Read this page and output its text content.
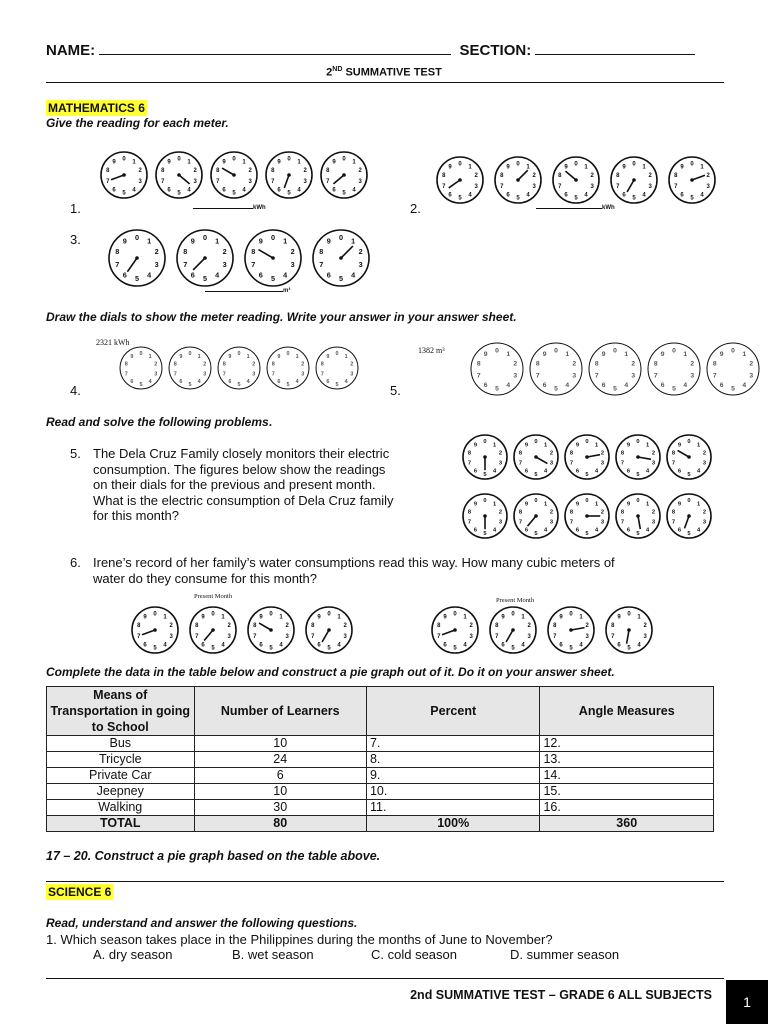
NAME:	SECTION:
2ND SUMMATIVE TEST
MATHEMATICS 6
Give the reading for each meter.
1.	kWh	2.	kWh
3.
m³
Draw the dials to show the meter reading. Write your answer in your answer sheet.
2321 kWh
1382 m³
4.	5.
Read and solve the following problems.
5. The Dela Cruz Family closely monitors their electric
consumption. The figures below show the readings
on their dials for the previous and present month.
What is the electric consumption of Dela Cruz family
for this month?
6. Irene’s record of her family’s water consumptions read this way. How many cubic meters of
water do they consume for this month?
Present Month
Present Month
Complete the data in the table below and construct a pie graph out of it. Do it on your answer sheet.
Means of Transportation in going to School	Number of Learners	Percent	Angle Measures
Bus	10	7.	12.
Tricycle	24	8.	13.
Private Car	6	9.	14.
Jeepney	10	10.	15.
Walking	30	11.	16.
TOTAL	80	100%	360
17 – 20. Construct a pie graph based on the table above.
SCIENCE 6
Read, understand and answer the following questions.
1. Which season takes place in the Philippines during the months of June to November?
A. dry season	B. wet season	C. cold season	D. summer season
2nd SUMMATIVE TEST – GRADE 6 ALL SUBJECTS	1
0
1
2
3
4
5
6
7
8
9
0
1
2
3
4
5
6
7
8
9
0
1
2
3
4
5
6
7
8
9
0
1
2
3
4
5
6
7
8
9
0
1
2
3
4
5
6
7
8
9	0
1
2
3
4
5
6
7
8
9
0
1
2
3
4
5
6
7
8
9
0
1
2
3
4
5
6
7
8
9
0
1
2
3
4
5
6
7
8
9
0
1
2
3
4
5
6
7
8
9
0 1
2
3
4
5
6
7
8
9	0 1
2
3
4
5
6
7
8
9	0 1
2
3
4
5
6
7
8
9	0 1
2
3
4
5
6
7
8
9
0 1
2
3
4
5
6
7
8
9	0 1
2
3
4
5
6
7
8
9	0 1
2
3
4
5
6
7
8
9	0 1
2
3
4
5
6
7
8
9	0 1
2
3
4
5
6
7
8
9
0
1
2
3
4
5
6
7
8
9
0
1
2
3
4
5
6
7
8
9
0
1
2
3
4
5
6
7
8
9
0
1
2
3
4
5
6
7
8
9
0
1
2
3
4
5
6
7
8
9
0
1
2
3
4
5
6
7
8
9
0
1
2
3
4
5
6
7
8
9
0
1
2
3
4
5
6
7
8
9
0
1
2
3
4
5
6
7
8
9
0
1
2
3
4
5
6
7
8
9
0
1
2
3
4
5
6
7
8
9
0
1
2
3
4
5
6
7
8
9
0
1
2
3
4
5
6
7
8
9
0
1
2
3
4
5
6
7
8
9
0
1
2
3
4
5
6
7
8
9
0
1
2
3
4
5
6
7
8
9
0
1
2
3
4
5
6
7
8
9
0
1
2
3
4
5
6
7
8
9
0
1
2
3
4
5
6
7
8
9
0
1
2
3
4
5
6
7
8
9
0
1
2
3
4
5
6
7
8
9
0
1
2
3
4
5
6
7
8
9
0
1
2
3
4
5
6
7
8
9
